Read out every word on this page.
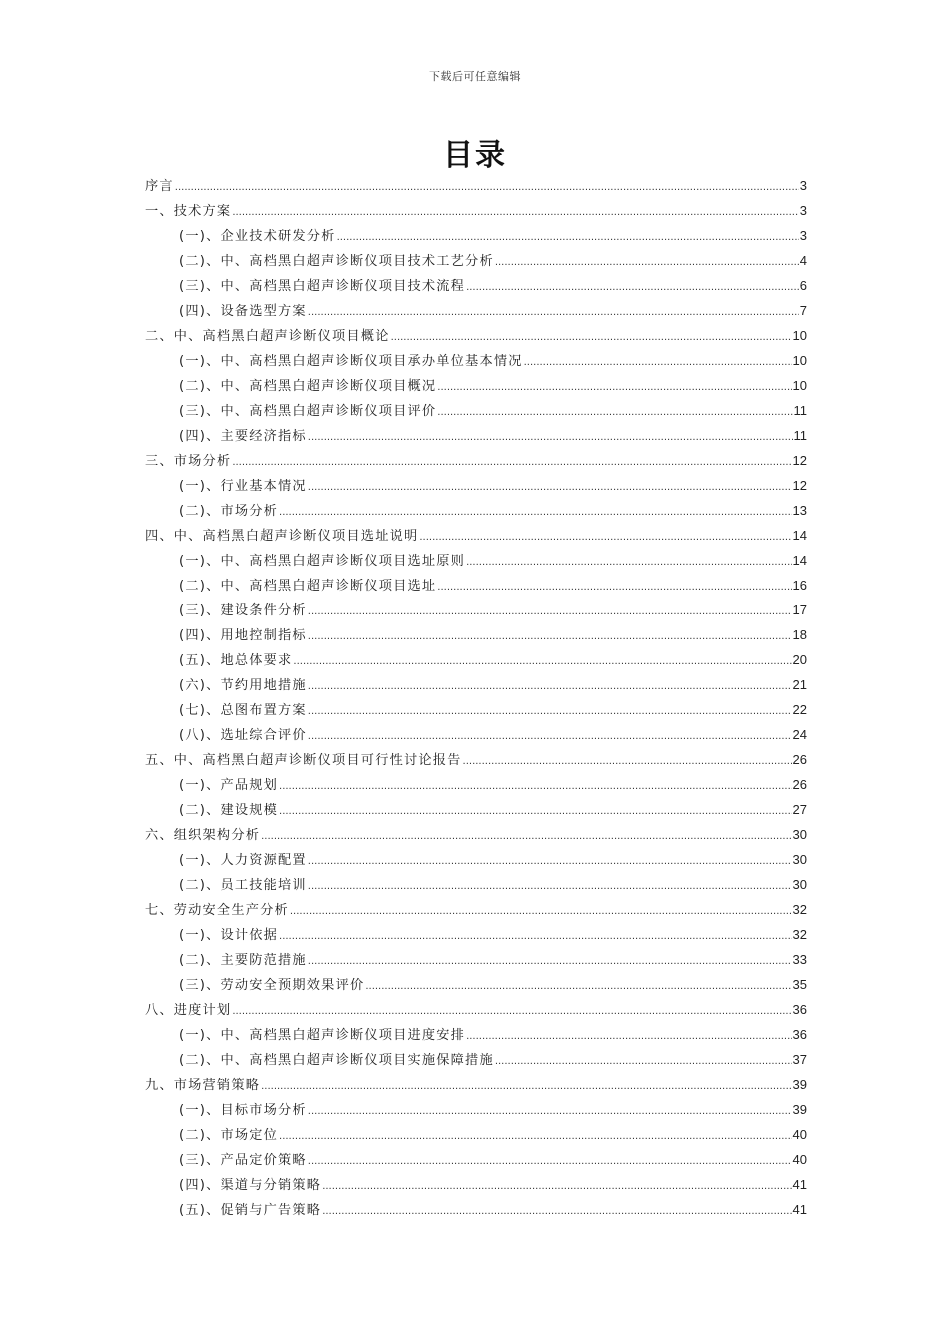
下载后可任意编辑
目录
序言 .....	3
一、技术方案 .....	3
(一)、企业技术研发分析 .....	3
(二)、中、高档黑白超声诊断仪项目技术工艺分析 .....	4
(三)、中、高档黑白超声诊断仪项目技术流程 .....	6
(四)、设备选型方案 .....	7
二、中、高档黑白超声诊断仪项目概论 .....	10
(一)、中、高档黑白超声诊断仪项目承办单位基本情况 .....	10
(二)、中、高档黑白超声诊断仪项目概况 .....	10
(三)、中、高档黑白超声诊断仪项目评价 .....	11
(四)、主要经济指标 .....	11
三、市场分析 .....	12
(一)、行业基本情况 .....	12
(二)、市场分析 .....	13
四、中、高档黑白超声诊断仪项目选址说明 .....	14
(一)、中、高档黑白超声诊断仪项目选址原则 .....	14
(二)、中、高档黑白超声诊断仪项目选址 .....	16
(三)、建设条件分析 .....	17
(四)、用地控制指标 .....	18
(五)、地总体要求 .....	20
(六)、节约用地措施 .....	21
(七)、总图布置方案 .....	22
(八)、选址综合评价 .....	24
五、中、高档黑白超声诊断仪项目可行性讨论报告 .....	26
(一)、产品规划 .....	26
(二)、建设规模 .....	27
六、组织架构分析 .....	30
(一)、人力资源配置 .....	30
(二)、员工技能培训 .....	30
七、劳动安全生产分析 .....	32
(一)、设计依据 .....	32
(二)、主要防范措施 .....	33
(三)、劳动安全预期效果评价 .....	35
八、进度计划 .....	36
(一)、中、高档黑白超声诊断仪项目进度安排 .....	36
(二)、中、高档黑白超声诊断仪项目实施保障措施 .....	37
九、市场营销策略 .....	39
(一)、目标市场分析 .....	39
(二)、市场定位 .....	40
(三)、产品定价策略 .....	40
(四)、渠道与分销策略 .....	41
(五)、促销与广告策略 .....	41
